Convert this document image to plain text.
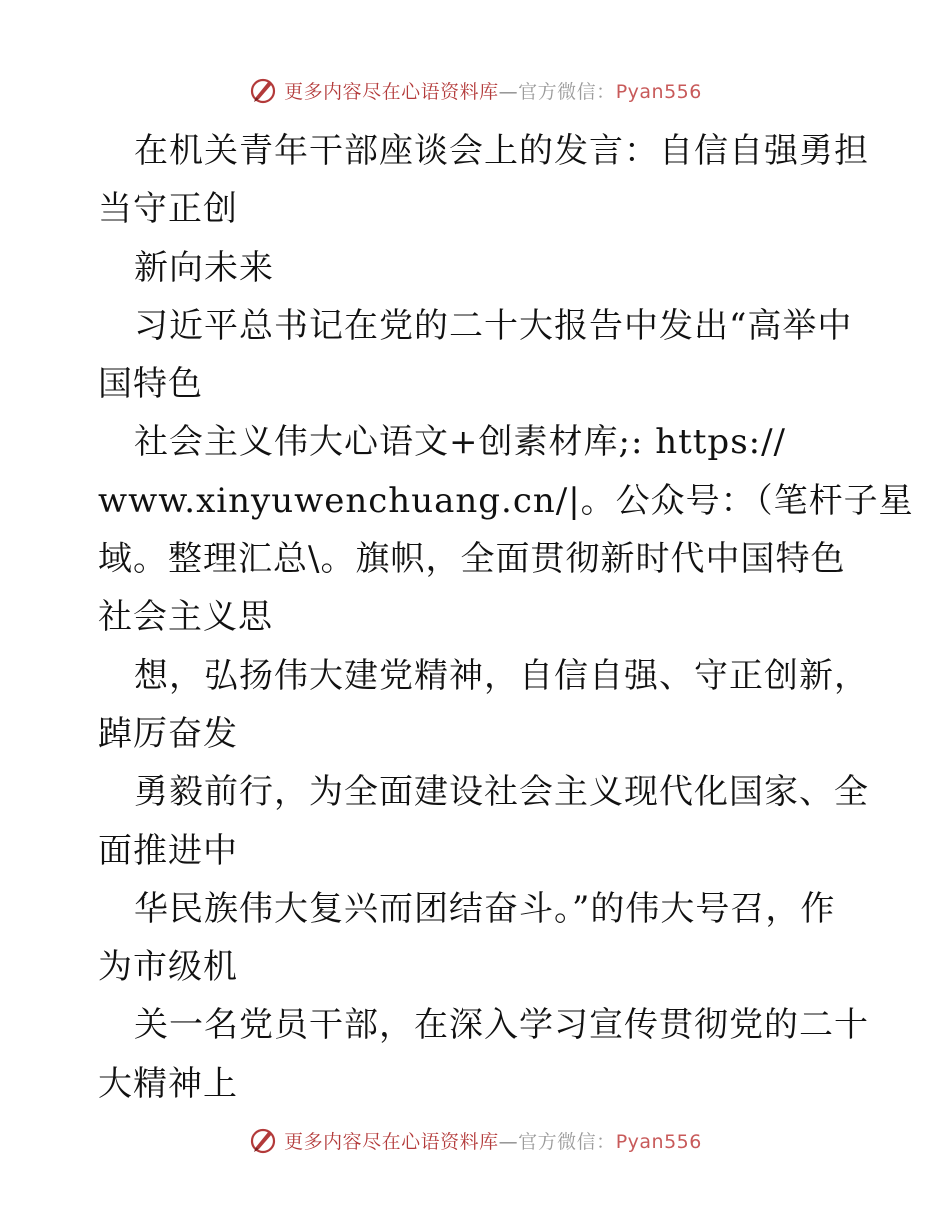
更多内容尽在心语资料库—官方微信：Pyan556
在机关青年干部座谈会上的发言：自信自强勇担
当守正创
新向未来
习近平总书记在党的二十大报告中发出“高举中
国特色
社会主义伟大心语文+创素材库;: https://
www.xinyuwenchuang.cn/|。公众号：（笔杆子星
域。整理汇总\。旗帜，全面贯彻新时代中国特色
社会主义思
想，弘扬伟大建党精神，自信自强、守正创新，
踔厉奋发
勇毅前行，为全面建设社会主义现代化国家、全
面推进中
华民族伟大复兴而团结奋斗。”的伟大号召，作
为市级机
关一名党员干部，在深入学习宣传贯彻党的二十
大精神上
更多内容尽在心语资料库—官方微信：Pyan556
